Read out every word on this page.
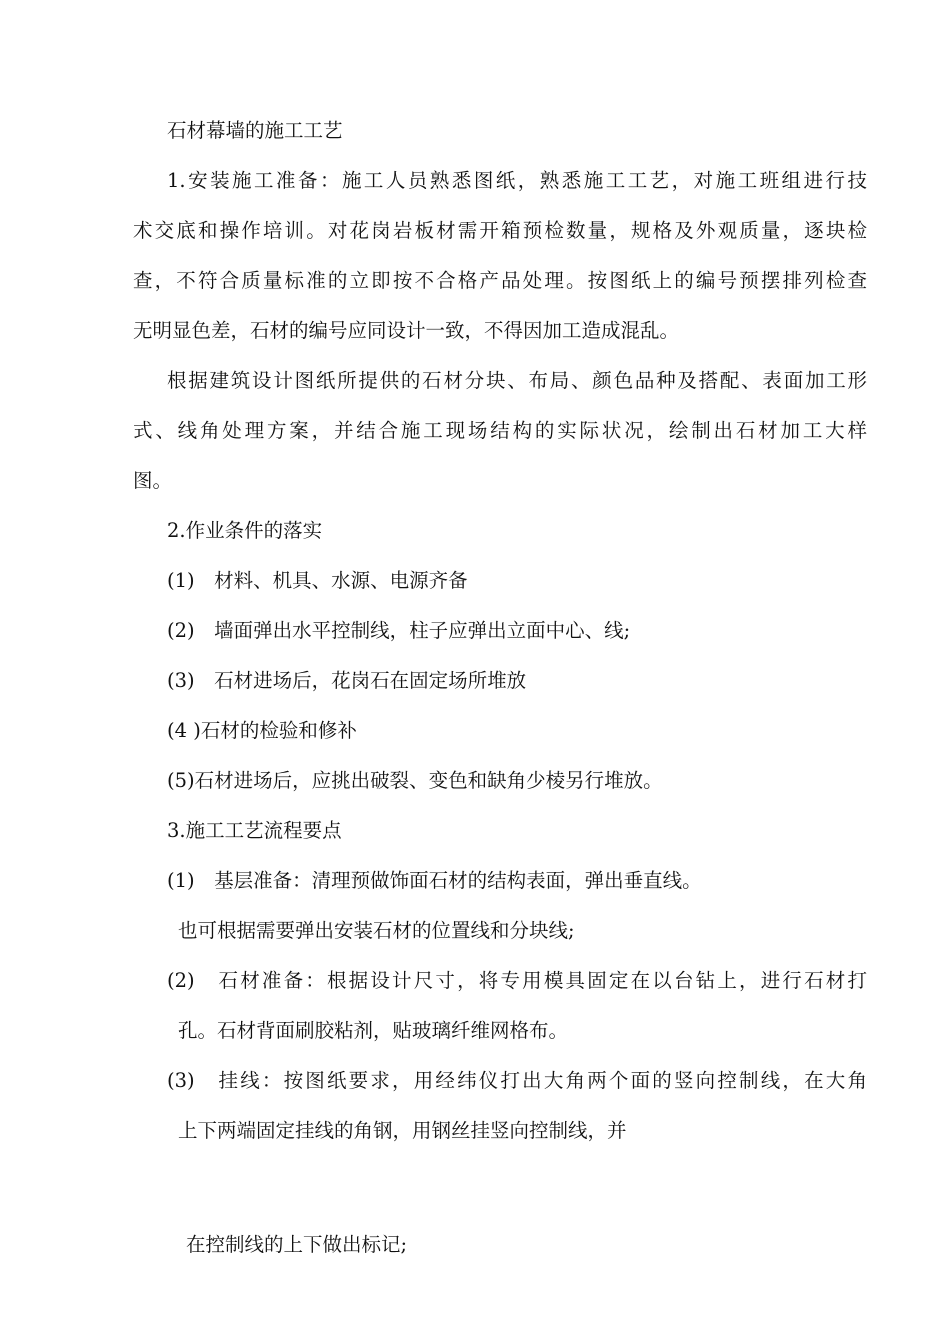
石材幕墙的施工工艺

1.安装施工准备：施工人员熟悉图纸，熟悉施工工艺，对施工班组进行技

术交底和操作培训。对花岗岩板材需开箱预检数量，规格及外观质量，逐块检

查，不符合质量标准的立即按不合格产品处理。按图纸上的编号预摆排列检查

无明显色差，石材的编号应同设计一致，不得因加工造成混乱。

根据建筑设计图纸所提供的石材分块、布局、颜色品种及搭配、表面加工形

式、线角处理方案，并结合施工现场结构的实际状况，绘制出石材加工大样

图。

2.作业条件的落实

(1)　材料、机具、水源、电源齐备

(2)　墙面弹出水平控制线，柱子应弹出立面中心、线;

(3)　石材进场后，花岗石在固定场所堆放

(4 )石材的检验和修补

(5)石材进场后，应挑出破裂、变色和缺角少棱另行堆放。

3.施工工艺流程要点

(1)　基层准备：清理预做饰面石材的结构表面，弹出垂直线。

也可根据需要弹出安装石材的位置线和分块线;

(2)　石材准备：根据设计尺寸，将专用模具固定在以台钻上，进行石材打

孔。石材背面刷胶粘剂，贴玻璃纤维网格布。

(3)　挂线：按图纸要求，用经纬仪打出大角两个面的竖向控制线，在大角

上下两端固定挂线的角钢，用钢丝挂竖向控制线，并

在控制线的上下做出标记;
